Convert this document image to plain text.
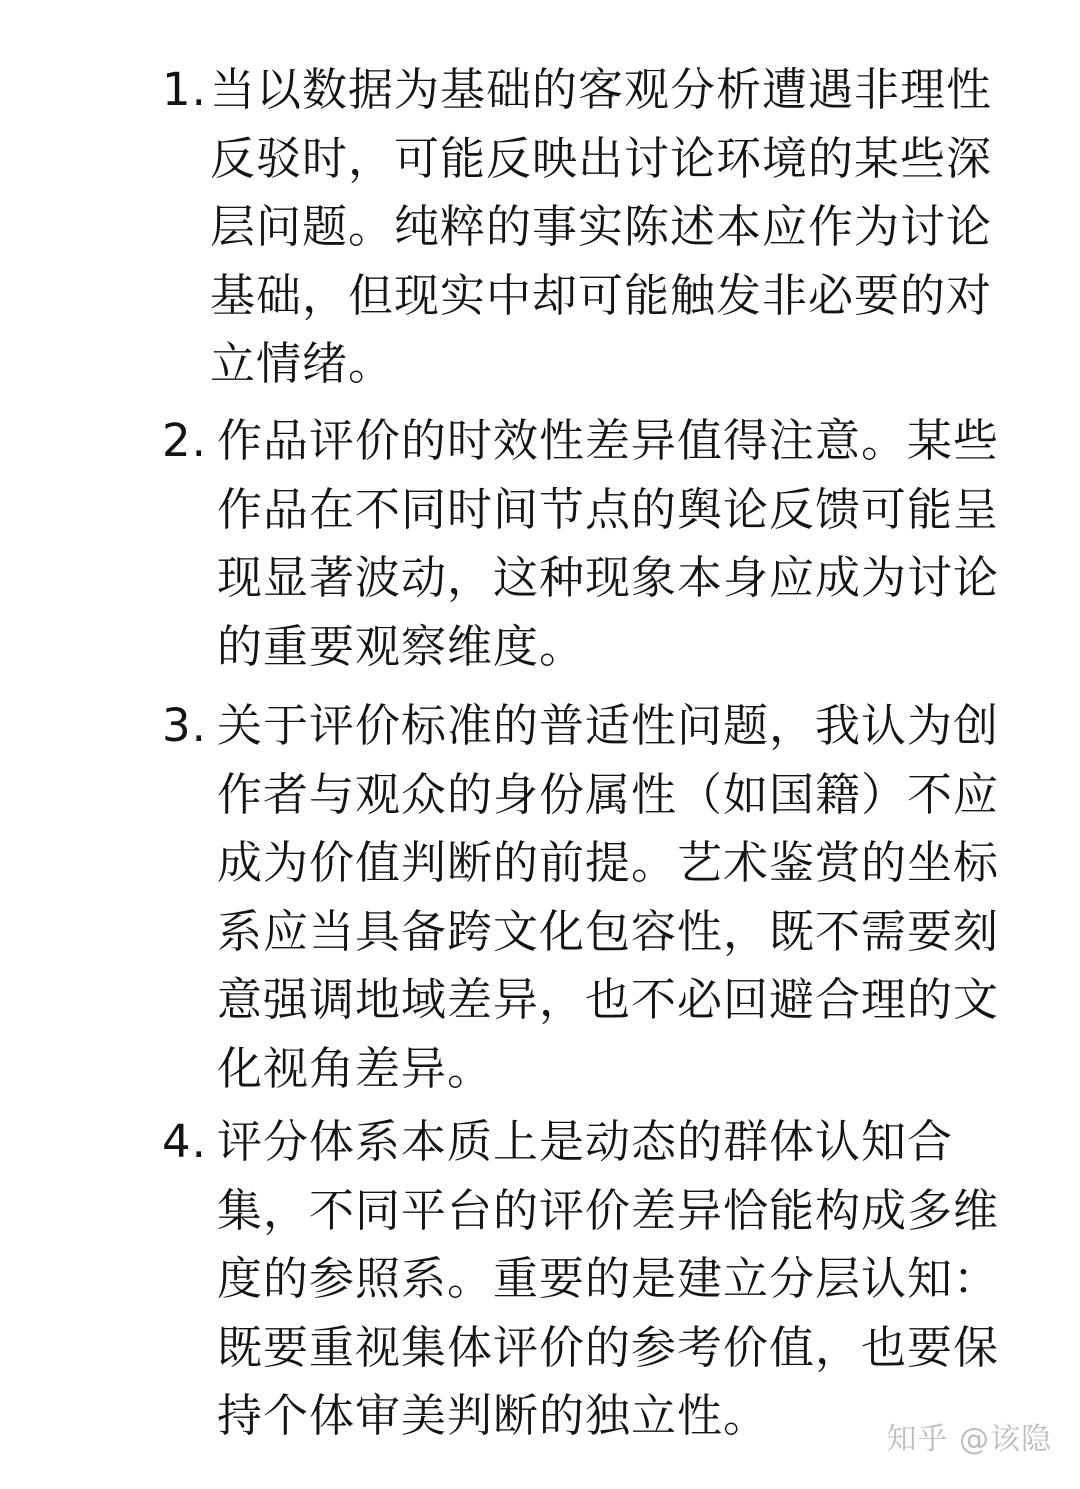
1. 当以数据为基础的客观分析遭遇非理性
反驳时，可能反映出讨论环境的某些深
层问题。纯粹的事实陈述本应作为讨论
基础，但现实中却可能触发非必要的对
立情绪。
2. 作品评价的时效性差异值得注意。某些
作品在不同时间节点的舆论反馈可能呈
现显著波动，这种现象本身应成为讨论
的重要观察维度。
3. 关于评价标准的普适性问题，我认为创
作者与观众的身份属性（如国籍）不应
成为价值判断的前提。艺术鉴赏的坐标
系应当具备跨文化包容性，既不需要刻
意强调地域差异，也不必回避合理的文
化视角差异。
4. 评分体系本质上是动态的群体认知合
集，不同平台的评价差异恰能构成多维
度的参照系。重要的是建立分层认知：
既要重视集体评价的参考价值，也要保
持个体审美判断的独立性。	知乎 @该隐
